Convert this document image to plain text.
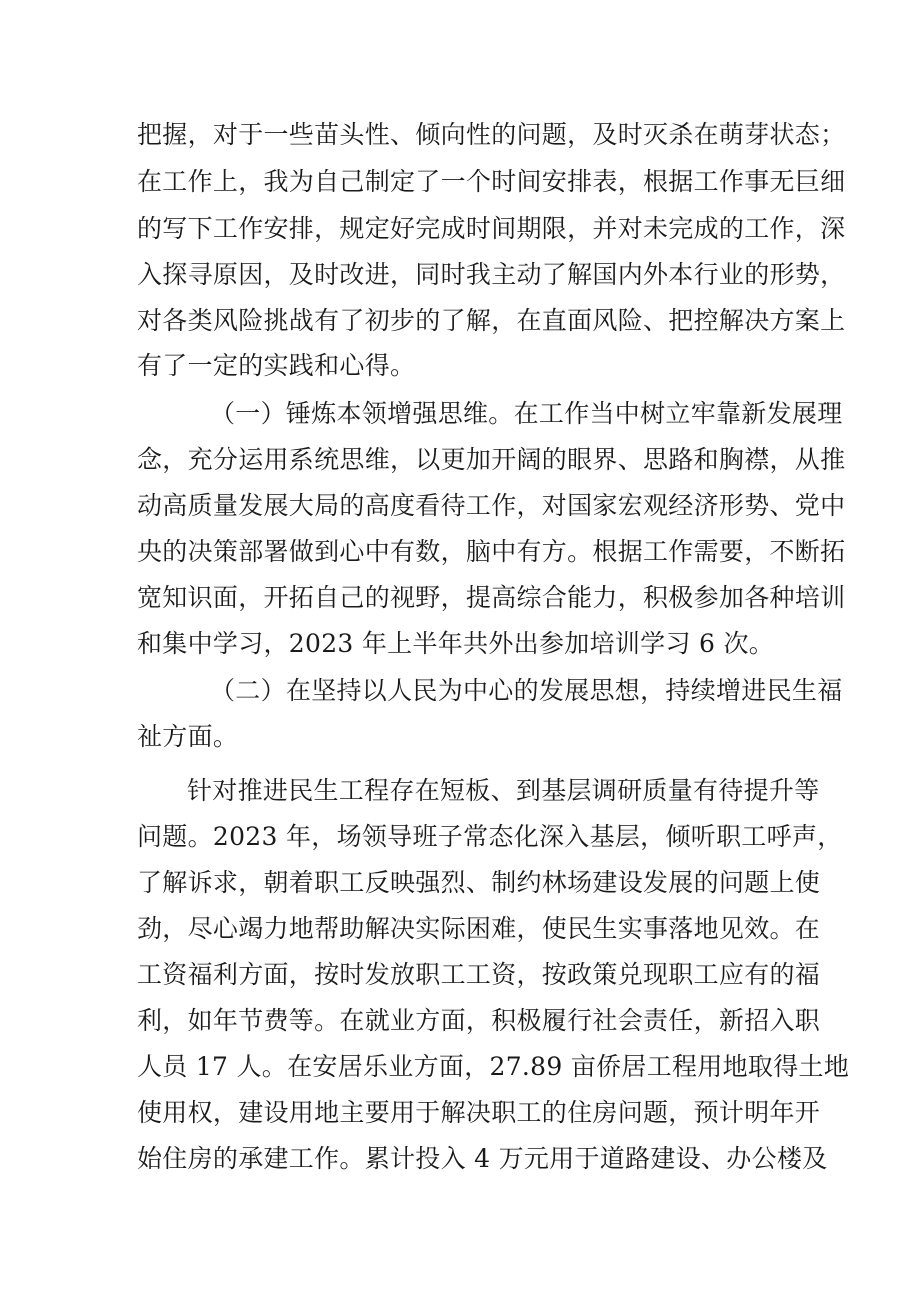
把握，对于一些苗头性、倾向性的问题，及时灭杀在萌芽状态；
在工作上，我为自己制定了一个时间安排表，根据工作事无巨细
的写下工作安排，规定好完成时间期限，并对未完成的工作，深
入探寻原因，及时改进，同时我主动了解国内外本行业的形势，
对各类风险挑战有了初步的了解，在直面风险、把控解决方案上
有了一定的实践和心得。
（一）锤炼本领增强思维。在工作当中树立牢靠新发展理
念，充分运用系统思维，以更加开阔的眼界、思路和胸襟，从推
动高质量发展大局的高度看待工作，对国家宏观经济形势、党中
央的决策部署做到心中有数，脑中有方。根据工作需要，不断拓
宽知识面，开拓自己的视野，提高综合能力，积极参加各种培训
和集中学习，2023 年上半年共外出参加培训学习 6 次。
（二）在坚持以人民为中心的发展思想，持续增进民生福
祉方面。
针对推进民生工程存在短板、到基层调研质量有待提升等
问题。2023 年，场领导班子常态化深入基层，倾听职工呼声，
了解诉求，朝着职工反映强烈、制约林场建设发展的问题上使
劲，尽心竭力地帮助解决实际困难，使民生实事落地见效。在
工资福利方面，按时发放职工工资，按政策兑现职工应有的福
利，如年节费等。在就业方面，积极履行社会责任，新招入职
人员 17 人。在安居乐业方面，27.89 亩侨居工程用地取得土地
使用权，建设用地主要用于解决职工的住房问题，预计明年开
始住房的承建工作。累计投入 4 万元用于道路建设、办公楼及
